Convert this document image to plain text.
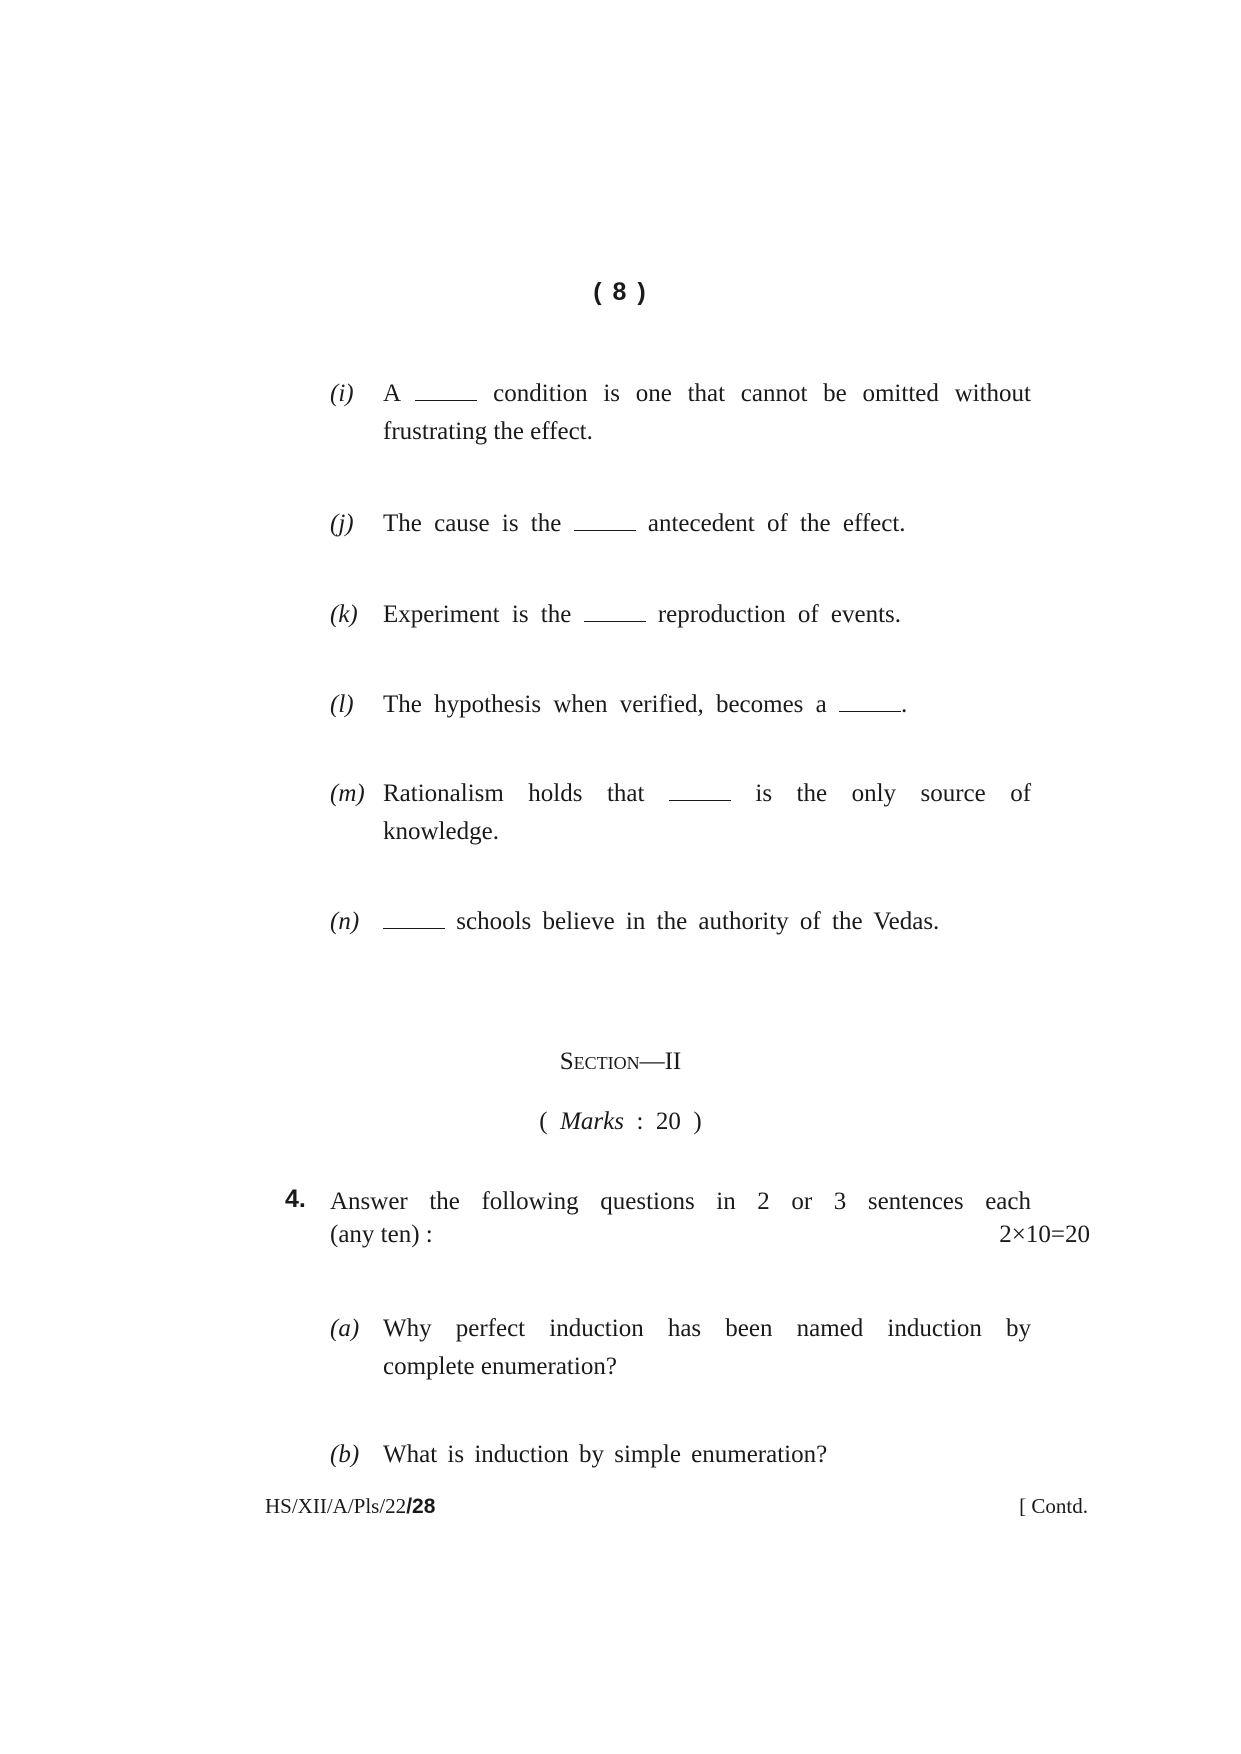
( 8 )
(i) A	condition is one that cannot be omitted without
frustrating the effect.
(j) The cause is the	antecedent of the effect.
(k) Experiment is the	reproduction of events.
(l) The hypothesis when verified, becomes a	.
(m) Rationalism holds that	is the only source of
knowledge.
(n)	schools believe in the authority of the Vedas.
Section—II
(  Marks  :  20  )
4. Answer the following questions in 2 or 3 sentences each
(any ten) :	2×10=20
(a) Why perfect induction has been named induction by
complete enumeration?
(b) What is induction by simple enumeration?
HS/XII/A/Pls/22/28	[ Contd.
